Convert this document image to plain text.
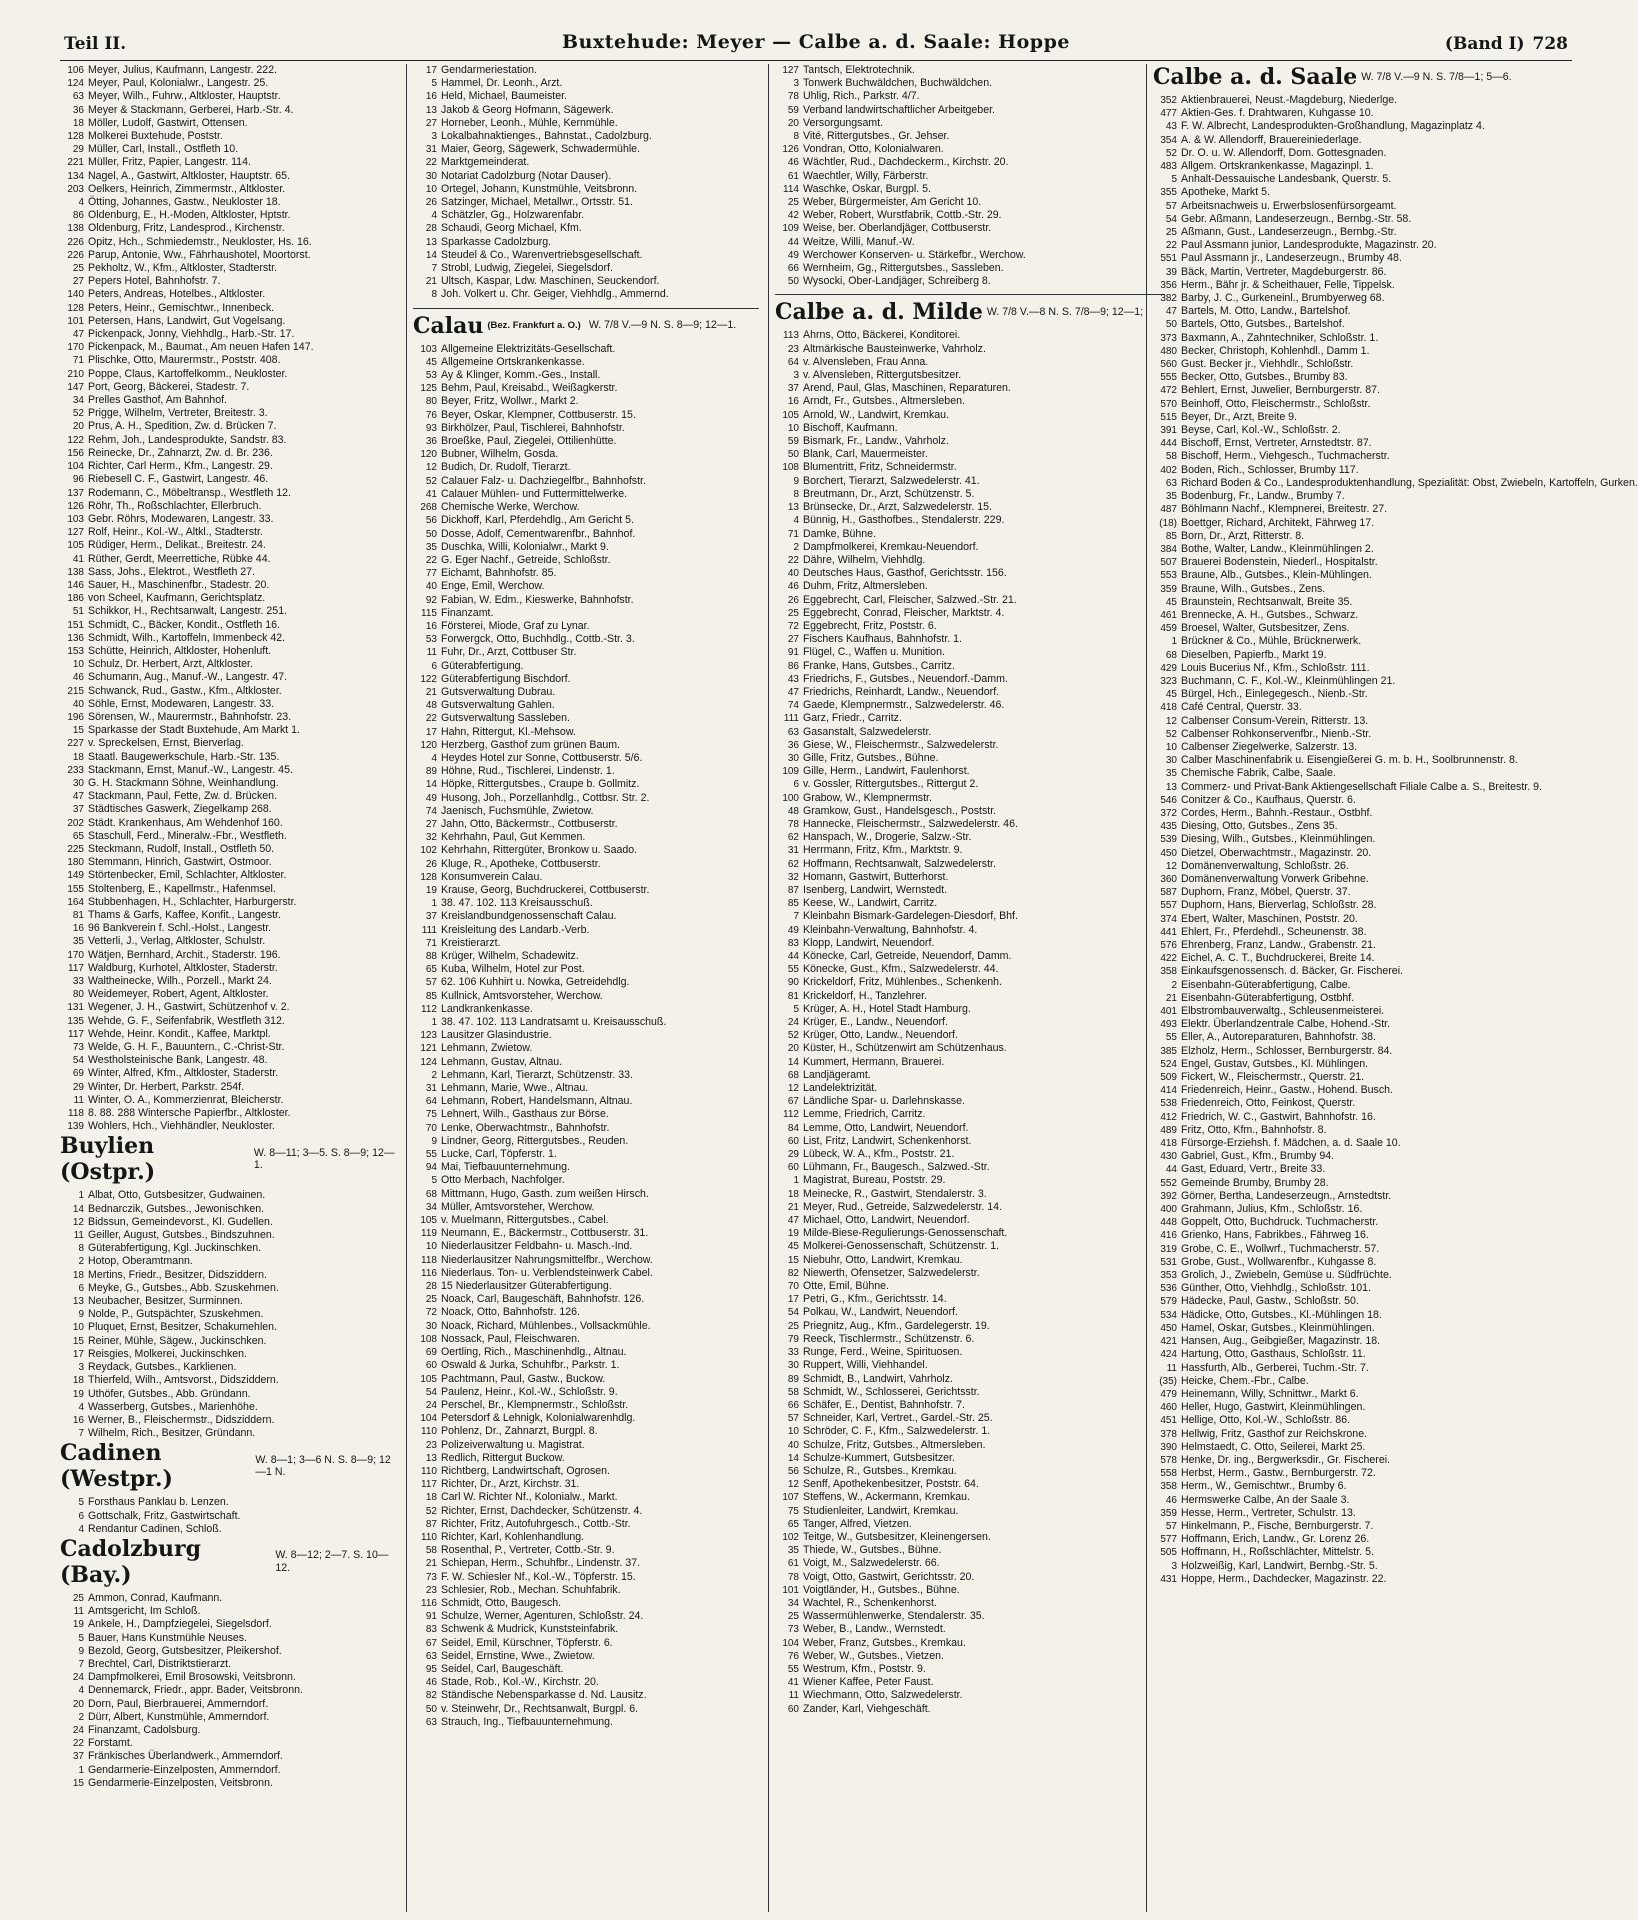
Teil II.	Buxtehude: Meyer — Calbe a. d. Saale: Hoppe	(Band I) 728
106 Meyer, Julius, Kaufmann, Langestr. 222.
124 Meyer, Paul, Kolonialwr., Langestr. 25.
63 Meyer, Wilh., Fuhrw., Altkloster, Hauptstr.
36 Meyer & Stackmann, Gerberei, Harb.-Str. 4.
18 Möller, Ludolf, Gastwirt, Ottensen.
128 Molkerei Buxtehude, Poststr.
29 Müller, Carl, Install., Ostfleth 10.
221 Müller, Fritz, Papier, Langestr. 114.
134 Nagel, A., Gastwirt, Altkloster, Hauptstr. 65.
203 Oelkers, Heinrich, Zimmermstr., Altkloster.
4 Ötting, Johannes, Gastw., Neukloster 18.
86 Oldenburg, E., H.-Moden, Altkloster, Hptstr.
138 Oldenburg, Fritz, Landesprod., Kirchenstr.
226 Opitz, Hch., Schmiedemstr., Neukloster, Hs. 16.
226 Parup, Antonie, Ww., Fährhaushotel, Moortorst.
25 Pekholtz, W., Kfm., Altkloster, Stadterstr.
27 Pepers Hotel, Bahnhofstr. 7.
140 Peters, Andreas, Hotelbes., Altkloster.
128 Peters, Heinr., Gemischtwr., Innenbeck.
101 Petersen, Hans, Landwirt, Gut Vogelsang.
47 Pickenpack, Jonny, Viehhdlg., Harb.-Str. 17.
170 Pickenpack, M., Baumat., Am neuen Hafen 147.
71 Plischke, Otto, Maurermstr., Poststr. 408.
210 Poppe, Claus, Kartoffelkomm., Neukloster.
147 Port, Georg, Bäckerei, Stadestr. 7.
34 Prelles Gasthof, Am Bahnhof.
52 Prigge, Wilhelm, Vertreter, Breitestr. 3.
20 Prus, A. H., Spedition, Zw. d. Brücken 7.
122 Rehm, Joh., Landesprodukte, Sandstr. 83.
156 Reinecke, Dr., Zahnarzt, Zw. d. Br. 236.
104 Richter, Carl Herm., Kfm., Langestr. 29.
96 Riebesell C. F., Gastwirt, Langestr. 46.
137 Rodemann, C., Möbeltransp., Westfleth 12.
126 Röhr, Th., Roßschlachter, Ellerbruch.
103 Gebr. Röhrs, Modewaren, Langestr. 33.
127 Rolf, Heinr., Kol.-W., Altkl., Stadterstr.
105 Rüdiger, Herm., Delikat., Breitestr. 24.
41 Rüther, Gerdt, Meerrettiche, Rübke 44.
138 Sass, Johs., Elektrot., Westfleth 27.
146 Sauer, H., Maschinenfbr., Stadestr. 20.
186 von Scheel, Kaufmann, Gerichtsplatz.
51 Schikkor, H., Rechtsanwalt, Langestr. 251.
151 Schmidt, C., Bäcker, Kondit., Ostfleth 16.
136 Schmidt, Wilh., Kartoffeln, Immenbeck 42.
153 Schütte, Heinrich, Altkloster, Hohenluft.
10 Schulz, Dr. Herbert, Arzt, Altkloster.
46 Schumann, Aug., Manuf.-W., Langestr. 47.
215 Schwanck, Rud., Gastw., Kfm., Altkloster.
40 Söhle, Ernst, Modewaren, Langestr. 33.
196 Sörensen, W., Maurermstr., Bahnhofstr. 23.
15 Sparkasse der Stadt Buxtehude, Am Markt 1.
227 v. Spreckelsen, Ernst, Bierverlag.
18 Staatl. Baugewerkschule, Harb.-Str. 135.
233 Stackmann, Ernst, Manuf.-W., Langestr. 45.
30 G. H. Stackmann Söhne, Weinhandlung.
47 Stackmann, Paul, Fette, Zw. d. Brücken.
37 Städtisches Gaswerk, Ziegelkamp 268.
202 Städt. Krankenhaus, Am Wehdenhof 160.
65 Staschull, Ferd., Mineralw.-Fbr., Westfleth.
225 Steckmann, Rudolf, Install., Ostfleth 50.
180 Stemmann, Hinrich, Gastwirt, Ostmoor.
149 Störtenbecker, Emil, Schlachter, Altkloster.
155 Stoltenberg, E., Kapellmstr., Hafenmsel.
164 Stubbenhagen, H., Schlachter, Harburgerstr.
81 Thams & Garfs, Kaffee, Konfit., Langestr.
16 96 Bankverein f. Schl.-Holst., Langestr.
35 Vetterli, J., Verlag, Altkloster, Schulstr.
170 Wätjen, Bernhard, Archit., Staderstr. 196.
117 Waldburg, Kurhotel, Altkloster, Staderstr.
33 Waltheinecke, Wilh., Porzell., Markt 24.
80 Weidemeyer, Robert, Agent, Altkloster.
131 Wegener, J. H., Gastwirt, Schützenhof v. 2.
135 Wehde, G. F., Seifenfabrik, Westfleth 312.
117 Wehde, Heinr. Kondit., Kaffee, Marktpl.
73 Welde, G. H. F., Bauuntern., C.-Christ-Str.
54 Westholsteinische Bank, Langestr. 48.
69 Winter, Alfred, Kfm., Altkloster, Staderstr.
29 Winter, Dr. Herbert, Parkstr. 254f.
11 Winter, O. A., Kommerzienrat, Bleicherstr.
118 8. 88. 288 Wintersche Papierfbr., Altkloster.
139 Wohlers, Hch., Viehhändler, Neukloster.
Buylien (Ostpr.)
W. 8—11; 3—5. S. 8—9; 12—1.
1 Albat, Otto, Gutsbesitzer, Gudwainen.
14 Bednarczik, Gutsbes., Jewonischken.
12 Bidssun, Gemeindevorst., Kl. Gudellen.
11 Geiller, August, Gutsbes., Bindszuhnen.
8 Güterabfertigung, Kgl. Juckinschken.
2 Hotop, Oberamtmann.
18 Mertins, Friedr., Besitzer, Didsziddern.
6 Meyke, G., Gutsbes., Abb. Szuskehmen.
13 Neubacher, Besitzer, Surminnen.
9 Nolde, P., Gutspächter, Szuskehmen.
10 Pluquet, Ernst, Besitzer, Schakumehlen.
15 Reiner, Mühle, Sägew., Juckinschken.
17 Reisgies, Molkerei, Juckinschken.
3 Reydack, Gutsbes., Karklienen.
18 Thierfeld, Wilh., Amtsvorst., Didsziddern.
19 Uthöfer, Gutsbes., Abb. Gründann.
4 Wasserberg, Gutsbes., Marienhöhe.
16 Werner, B., Fleischermstr., Didsziddern.
7 Wilhelm, Rich., Besitzer, Gründann.
Cadinen (Westpr.)
W. 8—1; 3—6 N. S. 8—9; 12—1 N.
5 Forsthaus Panklau b. Lenzen.
6 Gottschalk, Fritz, Gastwirtschaft.
4 Rendantur Cadinen, Schloß.
Cadolzburg (Bay.)
W. 8—12; 2—7. S. 10—12.
25 Ammon, Conrad, Kaufmann.
11 Amtsgericht, Im Schloß.
19 Ankele, H., Dampfziegelei, Siegelsdorf.
5 Bauer, Hans Kunstmühle Neuses.
9 Bezold, Georg, Gutsbesitzer, Pleikershof.
7 Brechtel, Carl, Distriktstierarzt.
24 Dampfmolkerei, Emil Brosowski, Veitsbronn.
4 Dennemarck, Friedr., appr. Bader, Veitsbronn.
20 Dorn, Paul, Bierbrauerei, Ammerndorf.
2 Dürr, Albert, Kunstmühle, Ammerndorf.
24 Finanzamt, Cadolsburg.
22 Forstamt.
37 Fränkisches Überlandwerk., Ammerndorf.
1 Gendarmerie-Einzelposten, Ammerndorf.
15 Gendarmerie-Einzelposten, Veitsbronn.
17 Gendarmeriestation.
5 Hammel, Dr. Leonh., Arzt.
16 Held, Michael, Baumeister.
13 Jakob & Georg Hofmann, Sägewerk.
27 Horneber, Leonh., Mühle, Kernmühle.
3 Lokalbahnaktienges., Bahnstat., Cadolzburg.
31 Maier, Georg, Sägewerk, Schwadermühle.
22 Marktgemeinderat.
30 Notariat Cadolzburg (Notar Dauser).
10 Ortegel, Johann, Kunstmühle, Veitsbronn.
26 Satzinger, Michael, Metallwr., Ortsstr. 51.
4 Schätzler, Gg., Holzwarenfabr.
28 Schaudi, Georg Michael, Kfm.
13 Sparkasse Cadolzburg.
14 Steudel & Co., Warenvertriebsgesellschaft.
7 Strobl, Ludwig, Ziegelei, Siegelsdorf.
21 Ultsch, Kaspar, Ldw. Maschinen, Seuckendorf.
8 Joh. Volkert u. Chr. Geiger, Viehhdlg., Ammernd.
Calau (Bez. Frankfurt a. O.) W. 7/8 V.—9 N. S. 8—9; 12—1.
103 Allgemeine Elektrizitäts-Gesellschaft.
45 Allgemeine Ortskrankenkasse.
53 Ay & Klinger, Komm.-Ges., Install.
125 Behm, Paul, Kreisabd., Weißagkerstr.
80 Beyer, Fritz, Wollwr., Markt 2.
76 Beyer, Oskar, Klempner, Cottbuserstr. 15.
93 Birkhölzer, Paul, Tischlerei, Bahnhofstr.
36 Broeßke, Paul, Ziegelei, Ottilienhütte.
120 Bubner, Wilhelm, Gosda.
12 Budich, Dr. Rudolf, Tierarzt.
52 Calauer Falz- u. Dachziegelfbr., Bahnhofstr.
41 Calauer Mühlen- und Futtermittelwerke.
268 Chemische Werke, Werchow.
56 Dickhoff, Karl, Pferdehdlg., Am Gericht 5.
50 Dosse, Adolf, Cementwarenfbr., Bahnhof.
35 Duschka, Willi, Kolonialwr., Markt 9.
22 G. Eger Nachf., Getreide, Schloßstr.
77 Eichamt, Bahnhofstr. 85.
40 Enge, Emil, Werchow.
92 Fabian, W. Edm., Kieswerke, Bahnhofstr.
115 Finanzamt.
16 Försterei, Miode, Graf zu Lynar.
53 Forwergck, Otto, Buchhdlg., Cottb.-Str. 3.
11 Fuhr, Dr., Arzt, Cottbuser Str.
6 Güterabfertigung.
122 Güterabfertigung Bischdorf.
21 Gutsverwaltung Dubrau.
48 Gutsverwaltung Gahlen.
22 Gutsverwaltung Sassleben.
17 Hahn, Rittergut, Kl.-Mehsow.
120 Herzberg, Gasthof zum grünen Baum.
4 Heydes Hotel zur Sonne, Cottbuserstr. 5/6.
89 Höhne, Rud., Tischlerei, Lindenstr. 1.
14 Höpke, Rittergutsbes., Craupe b. Gollmitz.
49 Husong, Joh., Porzellanhdlg., Cottbsr. Str. 2.
74 Jaenisch, Fuchsmühle, Zwietow.
27 Jahn, Otto, Bäckermstr., Cottbuserstr.
32 Kehrhahn, Paul, Gut Kemmen.
102 Kehrhahn, Rittergüter, Bronkow u. Saado.
26 Kluge, R., Apotheke, Cottbuserstr.
128 Konsumverein Calau.
19 Krause, Georg, Buchdruckerei, Cottbuserstr.
1 38. 47. 102. 113 Kreisausschuß.
37 Kreislandbundgenossenschaft Calau.
111 Kreisleitung des Landarb.-Verb.
71 Kreistierarzt.
88 Krüger, Wilhelm, Schadewitz.
65 Kuba, Wilhelm, Hotel zur Post.
57 62. 106 Kuhhirt u. Nowka, Getreidehdlg.
85 Kullnick, Amtsvorsteher, Werchow.
112 Landkrankenkasse.
1 38. 47. 102. 113 Landratsamt u. Kreisausschuß.
123 Lausitzer Glasindustrie.
121 Lehmann, Zwietow.
124 Lehmann, Gustav, Altnau.
2 Lehmann, Karl, Tierarzt, Schützenstr. 33.
31 Lehmann, Marie, Wwe., Altnau.
64 Lehmann, Robert, Handelsmann, Altnau.
75 Lehnert, Wilh., Gasthaus zur Börse.
70 Lenke, Oberwachtmstr., Bahnhofstr.
9 Lindner, Georg, Rittergutsbes., Reuden.
55 Lucke, Carl, Töpferstr. 1.
94 Mai, Tiefbauunternehmung.
5 Otto Merbach, Nachfolger.
68 Mittmann, Hugo, Gasth. zum weißen Hirsch.
34 Müller, Amtsvorsteher, Werchow.
105 v. Muelmann, Rittergutsbes., Cabel.
119 Neumann, E., Bäckermstr., Cottbuserstr. 31.
10 Niederlausitzer Feldbahn- u. Masch.-Ind.
118 Niederlausitzer Nahrungsmittelfbr., Werchow.
116 Niederlaus. Ton- u. Verblendsteinwerk Cabel.
28 15 Niederlausitzer Güterabfertigung.
25 Noack, Carl, Baugeschäft, Bahnhofstr. 126.
72 Noack, Otto, Bahnhofstr. 126.
30 Noack, Richard, Mühlenbes., Vollsackmühle.
108 Nossack, Paul, Fleischwaren.
69 Oertling, Rich., Maschinenhdlg., Altnau.
60 Oswald & Jurka, Schuhfbr., Parkstr. 1.
105 Pachtmann, Paul, Gastw., Buckow.
54 Paulenz, Heinr., Kol.-W., Schloßstr. 9.
24 Perschel, Br., Klempnermstr., Schloßstr.
104 Petersdorf & Lehnigk, Kolonialwarenhdlg.
110 Pohlenz, Dr., Zahnarzt, Burgpl. 8.
23 Polizeiverwaltung u. Magistrat.
13 Redlich, Rittergut Buckow.
110 Richtberg, Landwirtschaft, Ogrosen.
117 Richter, Dr., Arzt, Kirchstr. 31.
18 Carl W. Richter Nf., Kolonialw., Markt.
52 Richter, Ernst, Dachdecker, Schützenstr. 4.
87 Richter, Fritz, Autofuhrgesch., Cottb.-Str.
110 Richter, Karl, Kohlenhandlung.
58 Rosenthal, P., Vertreter, Cottb.-Str. 9.
21 Schiepan, Herm., Schuhfbr., Lindenstr. 37.
73 F. W. Schiesler Nf., Kol.-W., Töpferstr. 15.
23 Schlesier, Rob., Mechan. Schuhfabrik.
116 Schmidt, Otto, Baugesch.
91 Schulze, Werner, Agenturen, Schloßstr. 24.
83 Schwenk & Mudrick, Kunststeinfabrik.
67 Seidel, Emil, Kürschner, Töpferstr. 6.
63 Seidel, Ernstine, Wwe., Zwietow.
95 Seidel, Carl, Baugeschäft.
46 Stade, Rob., Kol.-W., Kirchstr. 20.
82 Ständische Nebensparkasse d. Nd. Lausitz.
50 v. Steinwehr, Dr., Rechtsanwalt, Burgpl. 6.
63 Strauch, Ing., Tiefbauunternehmung.
127 Tantsch, Elektrotechnik.
3 Tonwerk Buchwäldchen, Buchwäldchen.
78 Uhlig, Rich., Parkstr. 4/7.
59 Verband landwirtschaftlicher Arbeitgeber.
20 Versorgungsamt.
8 Vité, Rittergutsbes., Gr. Jehser.
126 Vondran, Otto, Kolonialwaren.
46 Wächtler, Rud., Dachdeckerm., Kirchstr. 20.
61 Waechtler, Willy, Färberstr.
114 Waschke, Oskar, Burgpl. 5.
25 Weber, Bürgermeister, Am Gericht 10.
42 Weber, Robert, Wurstfabrik, Cottb.-Str. 29.
109 Weise, ber. Oberlandjäger, Cottbuserstr.
44 Weitze, Willi, Manuf.-W.
49 Werchower Konserven- u. Stärkefbr., Werchow.
66 Wernheim, Gg., Rittergutsbes., Sassleben.
50 Wysocki, Ober-Landjäger, Schreiberg 8.
Calbe a. d. Milde W. 7/8 V.—8 N. S. 7/8—9; 12—1;
113 Ahrns, Otto, Bäckerei, Konditorei.
23 Altmärkische Bausteinwerke, Vahrholz.
64 v. Alvensleben, Frau Anna.
3 v. Alvensleben, Rittergutsbesitzer.
37 Arend, Paul, Glas, Maschinen, Reparaturen.
16 Arndt, Fr., Gutsbes., Altmersleben.
105 Arnold, W., Landwirt, Kremkau.
10 Bischoff, Kaufmann.
59 Bismark, Fr., Landw., Vahrholz.
50 Blank, Carl, Mauermeister.
108 Blumentritt, Fritz, Schneidermstr.
9 Borchert, Tierarzt, Salzwedelerstr. 41.
8 Breutmann, Dr., Arzt, Schützenstr. 5.
13 Brünsecke, Dr., Arzt, Salzwedelerstr. 15.
4 Bünnig, H., Gasthofbes., Stendalerstr. 229.
71 Damke, Bühne.
2 Dampfmolkerei, Kremkau-Neuendorf.
22 Dähre, Wilhelm, Viehhdlg.
40 Deutsches Haus, Gasthof, Gerichtsstr. 156.
46 Duhm, Fritz, Altmersleben.
26 Eggebrecht, Carl, Fleischer, Salzwed.-Str. 21.
25 Eggebrecht, Conrad, Fleischer, Marktstr. 4.
72 Eggebrecht, Fritz, Poststr. 6.
27 Fischers Kaufhaus, Bahnhofstr. 1.
91 Flügel, C., Waffen u. Munition.
86 Franke, Hans, Gutsbes., Carritz.
43 Friedrichs, F., Gutsbes., Neuendorf.-Damm.
47 Friedrichs, Reinhardt, Landw., Neuendorf.
74 Gaede, Klempnermstr., Salzwedelerstr. 46.
111 Garz, Friedr., Carritz.
63 Gasanstalt, Salzwedelerstr.
36 Giese, W., Fleischermstr., Salzwedelerstr.
30 Gille, Fritz, Gutsbes., Bühne.
109 Gille, Herm., Landwirt, Faulenhorst.
6 v. Gossler, Rittergutsbes., Rittergut 2.
100 Grabow, W., Klempnermstr.
48 Gramkow, Gust., Handelsgesch., Poststr.
78 Hannecke, Fleischermstr., Salzwedelerstr. 46.
62 Hanspach, W., Drogerie, Salzw.-Str.
31 Herrmann, Fritz, Kfm., Marktstr. 9.
62 Hoffmann, Rechtsanwalt, Salzwedelerstr.
32 Homann, Gastwirt, Butterhorst.
87 Isenberg, Landwirt, Wernstedt.
85 Keese, W., Landwirt, Carritz.
7 Kleinbahn Bismark-Gardelegen-Diesdorf, Bhf.
49 Kleinbahn-Verwaltung, Bahnhofstr. 4.
83 Klopp, Landwirt, Neuendorf.
44 Könecke, Carl, Getreide, Neuendorf, Damm.
55 Könecke, Gust., Kfm., Salzwedelerstr. 44.
90 Krickeldorf, Fritz, Mühlenbes., Schenkenh.
81 Krickeldorf, H., Tanzlehrer.
5 Krüger, A. H., Hotel Stadt Hamburg.
24 Krüger, E., Landw., Neuendorf.
52 Krüger, Otto, Landw., Neuendorf.
20 Küster, H., Schützenwirt am Schützenhaus.
14 Kummert, Hermann, Brauerei.
68 Landjägeramt.
12 Landelektrizität.
67 Ländliche Spar- u. Darlehnskasse.
112 Lemme, Friedrich, Carritz.
84 Lemme, Otto, Landwirt, Neuendorf.
60 List, Fritz, Landwirt, Schenkenhorst.
29 Lübeck, W. A., Kfm., Poststr. 21.
60 Lühmann, Fr., Baugesch., Salzwed.-Str.
1 Magistrat, Bureau, Poststr. 29.
18 Meinecke, R., Gastwirt, Stendalerstr. 3.
21 Meyer, Rud., Getreide, Salzwedelerstr. 14.
47 Michael, Otto, Landwirt, Neuendorf.
19 Milde-Biese-Regulierungs-Genossenschaft.
45 Molkerei-Genossenschaft, Schützenstr. 1.
15 Niebuhr, Otto, Landwirt, Kremkau.
82 Niewerth, Ofensetzer, Salzwedelerstr.
70 Otte, Emil, Bühne.
17 Petri, G., Kfm., Gerichtsstr. 14.
54 Polkau, W., Landwirt, Neuendorf.
25 Priegnitz, Aug., Kfm., Gardelegerstr. 19.
79 Reeck, Tischlermstr., Schützenstr. 6.
33 Runge, Ferd., Weine, Spirituosen.
30 Ruppert, Willi, Viehhandel.
89 Schmidt, B., Landwirt, Vahrholz.
58 Schmidt, W., Schlosserei, Gerichtsstr.
66 Schäfer, E., Dentist, Bahnhofstr. 7.
57 Schneider, Karl, Vertret., Gardel.-Str. 25.
10 Schröder, C. F., Kfm., Salzwedelerstr. 1.
40 Schulze, Fritz, Gutsbes., Altmersleben.
14 Schulze-Kummert, Gutsbesitzer.
56 Schulze, R., Gutsbes., Kremkau.
12 Senff, Apothekenbesitzer, Poststr. 64.
107 Steffens, W., Ackermann, Kremkau.
75 Studienleiter, Landwirt, Kremkau.
65 Tanger, Alfred, Vietzen.
102 Teitge, W., Gutsbesitzer, Kleinengersen.
35 Thiede, W., Gutsbes., Bühne.
61 Voigt, M., Salzwedelerstr. 66.
78 Voigt, Otto, Gastwirt, Gerichtsstr. 20.
101 Voigtländer, H., Gutsbes., Bühne.
34 Wachtel, R., Schenkenhorst.
25 Wassermühlenwerke, Stendalerstr. 35.
73 Weber, B., Landw., Wernstedt.
104 Weber, Franz, Gutsbes., Kremkau.
76 Weber, W., Gutsbes., Vietzen.
55 Westrum, Kfm., Poststr. 9.
41 Wiener Kaffee, Peter Faust.
11 Wiechmann, Otto, Salzwedelerstr.
60 Zander, Karl, Viehgeschäft.
Calbe a. d. Saale W. 7/8 V.—9 N. S. 7/8—1; 5—6.
352 Aktienbrauerei, Neust.-Magdeburg, Niederlge.
477 Aktien-Ges. f. Drahtwaren, Kuhgasse 10.
43 F. W. Albrecht, Landesprodukten-Großhandlung, Magazinplatz 4.
354 A. & W. Allendorff, Brauereiniederlage.
52 Dr. O. u. W. Allendorff, Dom. Gottesgnaden.
483 Allgem. Ortskrankenkasse, Magazinpl. 1.
5 Anhalt-Dessauische Landesbank, Querstr. 5.
355 Apotheke, Markt 5.
57 Arbeitsnachweis u. Erwerbslosenfürsorgeamt.
54 Gebr. Aßmann, Landeserzeugn., Bernbg.-Str. 58.
25 Aßmann, Gust., Landeserzeugn., Bernbg.-Str.
22 Paul Assmann junior, Landesprodukte, Magazinstr. 20.
551 Paul Assmann jr., Landeserzeugn., Brumby 48.
39 Bäck, Martin, Vertreter, Magdeburgerstr. 86.
356 Herm., Bähr jr. & Scheithauer, Felle, Tippelsk.
382 Barby, J. C., Gurkeneinl., Brumbyerweg 68.
47 Bartels, M. Otto, Landw., Bartelshof.
50 Bartels, Otto, Gutsbes., Bartelshof.
373 Baxmann, A., Zahntechniker, Schloßstr. 1.
480 Becker, Christoph, Kohlenhdl., Damm 1.
560 Gust. Becker jr., Viehhdlr., Schloßstr.
555 Becker, Otto, Gutsbes., Brumby 83.
472 Behlert, Ernst, Juwelier, Bernburgerstr. 87.
570 Beinhoff, Otto, Fleischermstr., Schloßstr.
515 Beyer, Dr., Arzt, Breite 9.
391 Beyse, Carl, Kol.-W., Schloßstr. 2.
444 Bischoff, Ernst, Vertreter, Arnstedtstr. 87.
58 Bischoff, Herm., Viehgesch., Tuchmacherstr.
402 Boden, Rich., Schlosser, Brumby 117.
63 Richard Boden & Co., Landesproduktenhandlung, Spezialität: Obst, Zwiebeln, Kartoffeln, Gurken.
35 Bodenburg, Fr., Landw., Brumby 7.
487 Böhlmann Nachf., Klempnerei, Breitestr. 27.
(18) Boettger, Richard, Architekt, Fährweg 17.
85 Born, Dr., Arzt, Ritterstr. 8.
384 Bothe, Walter, Landw., Kleinmühlingen 2.
507 Brauerei Bodenstein, Niederl., Hospitalstr.
553 Braune, Alb., Gutsbes., Klein-Mühlingen.
359 Braune, Wilh., Gutsbes., Zens.
45 Braunstein, Rechtsanwalt, Breite 35.
461 Brennecke, A. H., Gutsbes., Schwarz.
459 Broesel, Walter, Gutsbesitzer, Zens.
1 Brückner & Co., Mühle, Brücknerwerk.
68 Dieselben, Papierfb., Markt 19.
429 Louis Bucerius Nf., Kfm., Schloßstr. 111.
323 Buchmann, C. F., Kol.-W., Kleinmühlingen 21.
45 Bürgel, Hch., Einlegegesch., Nienb.-Str.
418 Café Central, Querstr. 33.
12 Calbenser Consum-Verein, Ritterstr. 13.
52 Calbenser Rohkonservenfbr., Nienb.-Str.
10 Calbenser Ziegelwerke, Salzerstr. 13.
30 Calber Maschinenfabrik u. Eisengießerei G. m. b. H., Soolbrunnenstr. 8.
35 Chemische Fabrik, Calbe, Saale.
13 Commerz- und Privat-Bank Aktiengesellschaft Filiale Calbe a. S., Breitestr. 9.
546 Conitzer & Co., Kaufhaus, Querstr. 6.
372 Cordes, Herm., Bahnh.-Restaur., Ostbhf.
435 Diesing, Otto, Gutsbes., Zens 35.
539 Diesing, Wilh., Gutsbes., Kleinmühlingen.
450 Dietzel, Oberwachtmstr., Magazinstr. 20.
12 Domänenverwaltung, Schloßstr. 26.
360 Domänenverwaltung Vorwerk Gribehne.
587 Duphorn, Franz, Möbel, Querstr. 37.
557 Duphorn, Hans, Bierverlag, Schloßstr. 28.
374 Ebert, Walter, Maschinen, Poststr. 20.
441 Ehlert, Fr., Pferdehdl., Scheunenstr. 38.
576 Ehrenberg, Franz, Landw., Grabenstr. 21.
422 Eichel, A. C. T., Buchdruckerei, Breite 14.
358 Einkaufsgenossensch. d. Bäcker, Gr. Fischerei.
2 Eisenbahn-Güterabfertigung, Calbe.
21 Eisenbahn-Güterabfertigung, Ostbhf.
401 Elbstrombauverwaltg., Schleusenmeisterei.
493 Elektr. Überlandzentrale Calbe, Hohend.-Str.
55 Eller, A., Autoreparaturen, Bahnhofstr. 38.
385 Elzholz, Herm., Schlosser, Bernburgerstr. 84.
524 Engel, Gustav, Gutsbes., Kl. Mühlingen.
509 Fickert, W., Fleischermstr., Querstr. 21.
414 Friedenreich, Heinr., Gastw., Hohend. Busch.
538 Friedenreich, Otto, Feinkost, Querstr.
412 Friedrich, W. C., Gastwirt, Bahnhofstr. 16.
489 Fritz, Otto, Kfm., Bahnhofstr. 8.
418 Fürsorge-Erziehsh. f. Mädchen, a. d. Saale 10.
430 Gabriel, Gust., Kfm., Brumby 94.
44 Gast, Eduard, Vertr., Breite 33.
552 Gemeinde Brumby, Brumby 28.
392 Görner, Bertha, Landeserzeugn., Arnstedtstr.
400 Grahmann, Julius, Kfm., Schloßstr. 16.
448 Goppelt, Otto, Buchdruck. Tuchmacherstr.
416 Grienko, Hans, Fabrikbes., Fährweg 16.
319 Grobe, C. E., Wollwrf., Tuchmacherstr. 57.
531 Grobe, Gust., Wollwarenfbr., Kuhgasse 8.
353 Grolich, J., Zwiebeln, Gemüse u. Südfrüchte.
536 Günther, Otto, Viehhdlg., Schloßstr. 101.
579 Hädecke, Paul, Gastw., Schloßstr. 50.
534 Hädicke, Otto, Gutsbes., Kl.-Mühlingen 18.
450 Hamel, Oskar, Gutsbes., Kleinmühlingen.
421 Hansen, Aug., Geibgießer, Magazinstr. 18.
424 Hartung, Otto, Gasthaus, Schloßstr. 11.
11 Hassfurth, Alb., Gerberei, Tuchm.-Str. 7.
(35) Heicke, Chem.-Fbr., Calbe.
479 Heinemann, Willy, Schnittwr., Markt 6.
460 Heller, Hugo, Gastwirt, Kleinmühlingen.
451 Hellige, Otto, Kol.-W., Schloßstr. 86.
378 Hellwig, Fritz, Gasthof zur Reichskrone.
390 Helmstaedt, C. Otto, Seilerei, Markt 25.
578 Henke, Dr. ing., Bergwerksdir., Gr. Fischerei.
558 Herbst, Herm., Gastw., Bernburgerstr. 72.
358 Herm., W., Gemischtwr., Brumby 6.
46 Hermswerke Calbe, An der Saale 3.
359 Hesse, Herm., Vertreter, Schulstr. 13.
57 Hinkelmann, P., Fische, Bernburgerstr. 7.
577 Hoffmann, Erich, Landw., Gr. Lorenz 26.
505 Hoffmann, H., Roßschlächter, Mittelstr. 5.
3 Holzweißig, Karl, Landwirt, Bernbg.-Str. 5.
431 Hoppe, Herm., Dachdecker, Magazinstr. 22.
